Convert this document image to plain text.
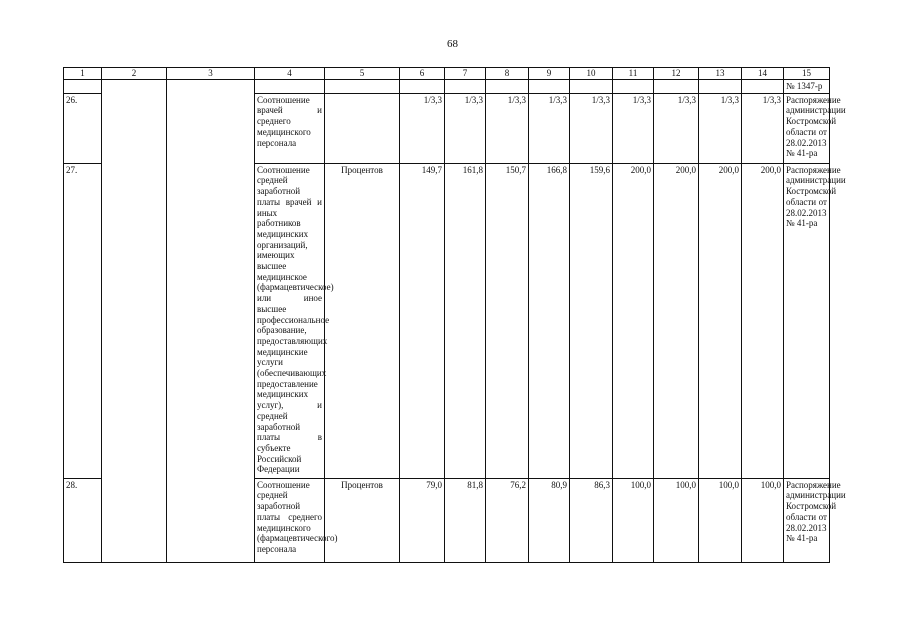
68
1	2	3	4	5	6	7	8	9	10	11	12	13	14	15
														№ 1347-р
26.			Соотношение врачей и среднего медицинского персонала		1/3,3	1/3,3	1/3,3	1/3,3	1/3,3	1/3,3	1/3,3	1/3,3	1/3,3	Распоряжение администрации Костромской области от 28.02.2013 № 41-ра
27.			Соотношение средней заработной платы врачей и иных работников медицинских организаций, имеющих высшее медицинское (фармацевтическое) или иное высшее профессиональное образование, предоставляющих медицинские услуги (обеспечивающих предоставление медицинских услуг), и средней заработной платы в субъекте Российской Федерации	Процентов	149,7	161,8	150,7	166,8	159,6	200,0	200,0	200,0	200,0	Распоряжение администрации Костромской области от 28.02.2013 № 41-ра
28.			Соотношение средней заработной платы среднего медицинского (фармацевтического) персонала	Процентов	79,0	81,8	76,2	80,9	86,3	100,0	100,0	100,0	100,0	Распоряжение администрации Костромской области от 28.02.2013 № 41-ра
